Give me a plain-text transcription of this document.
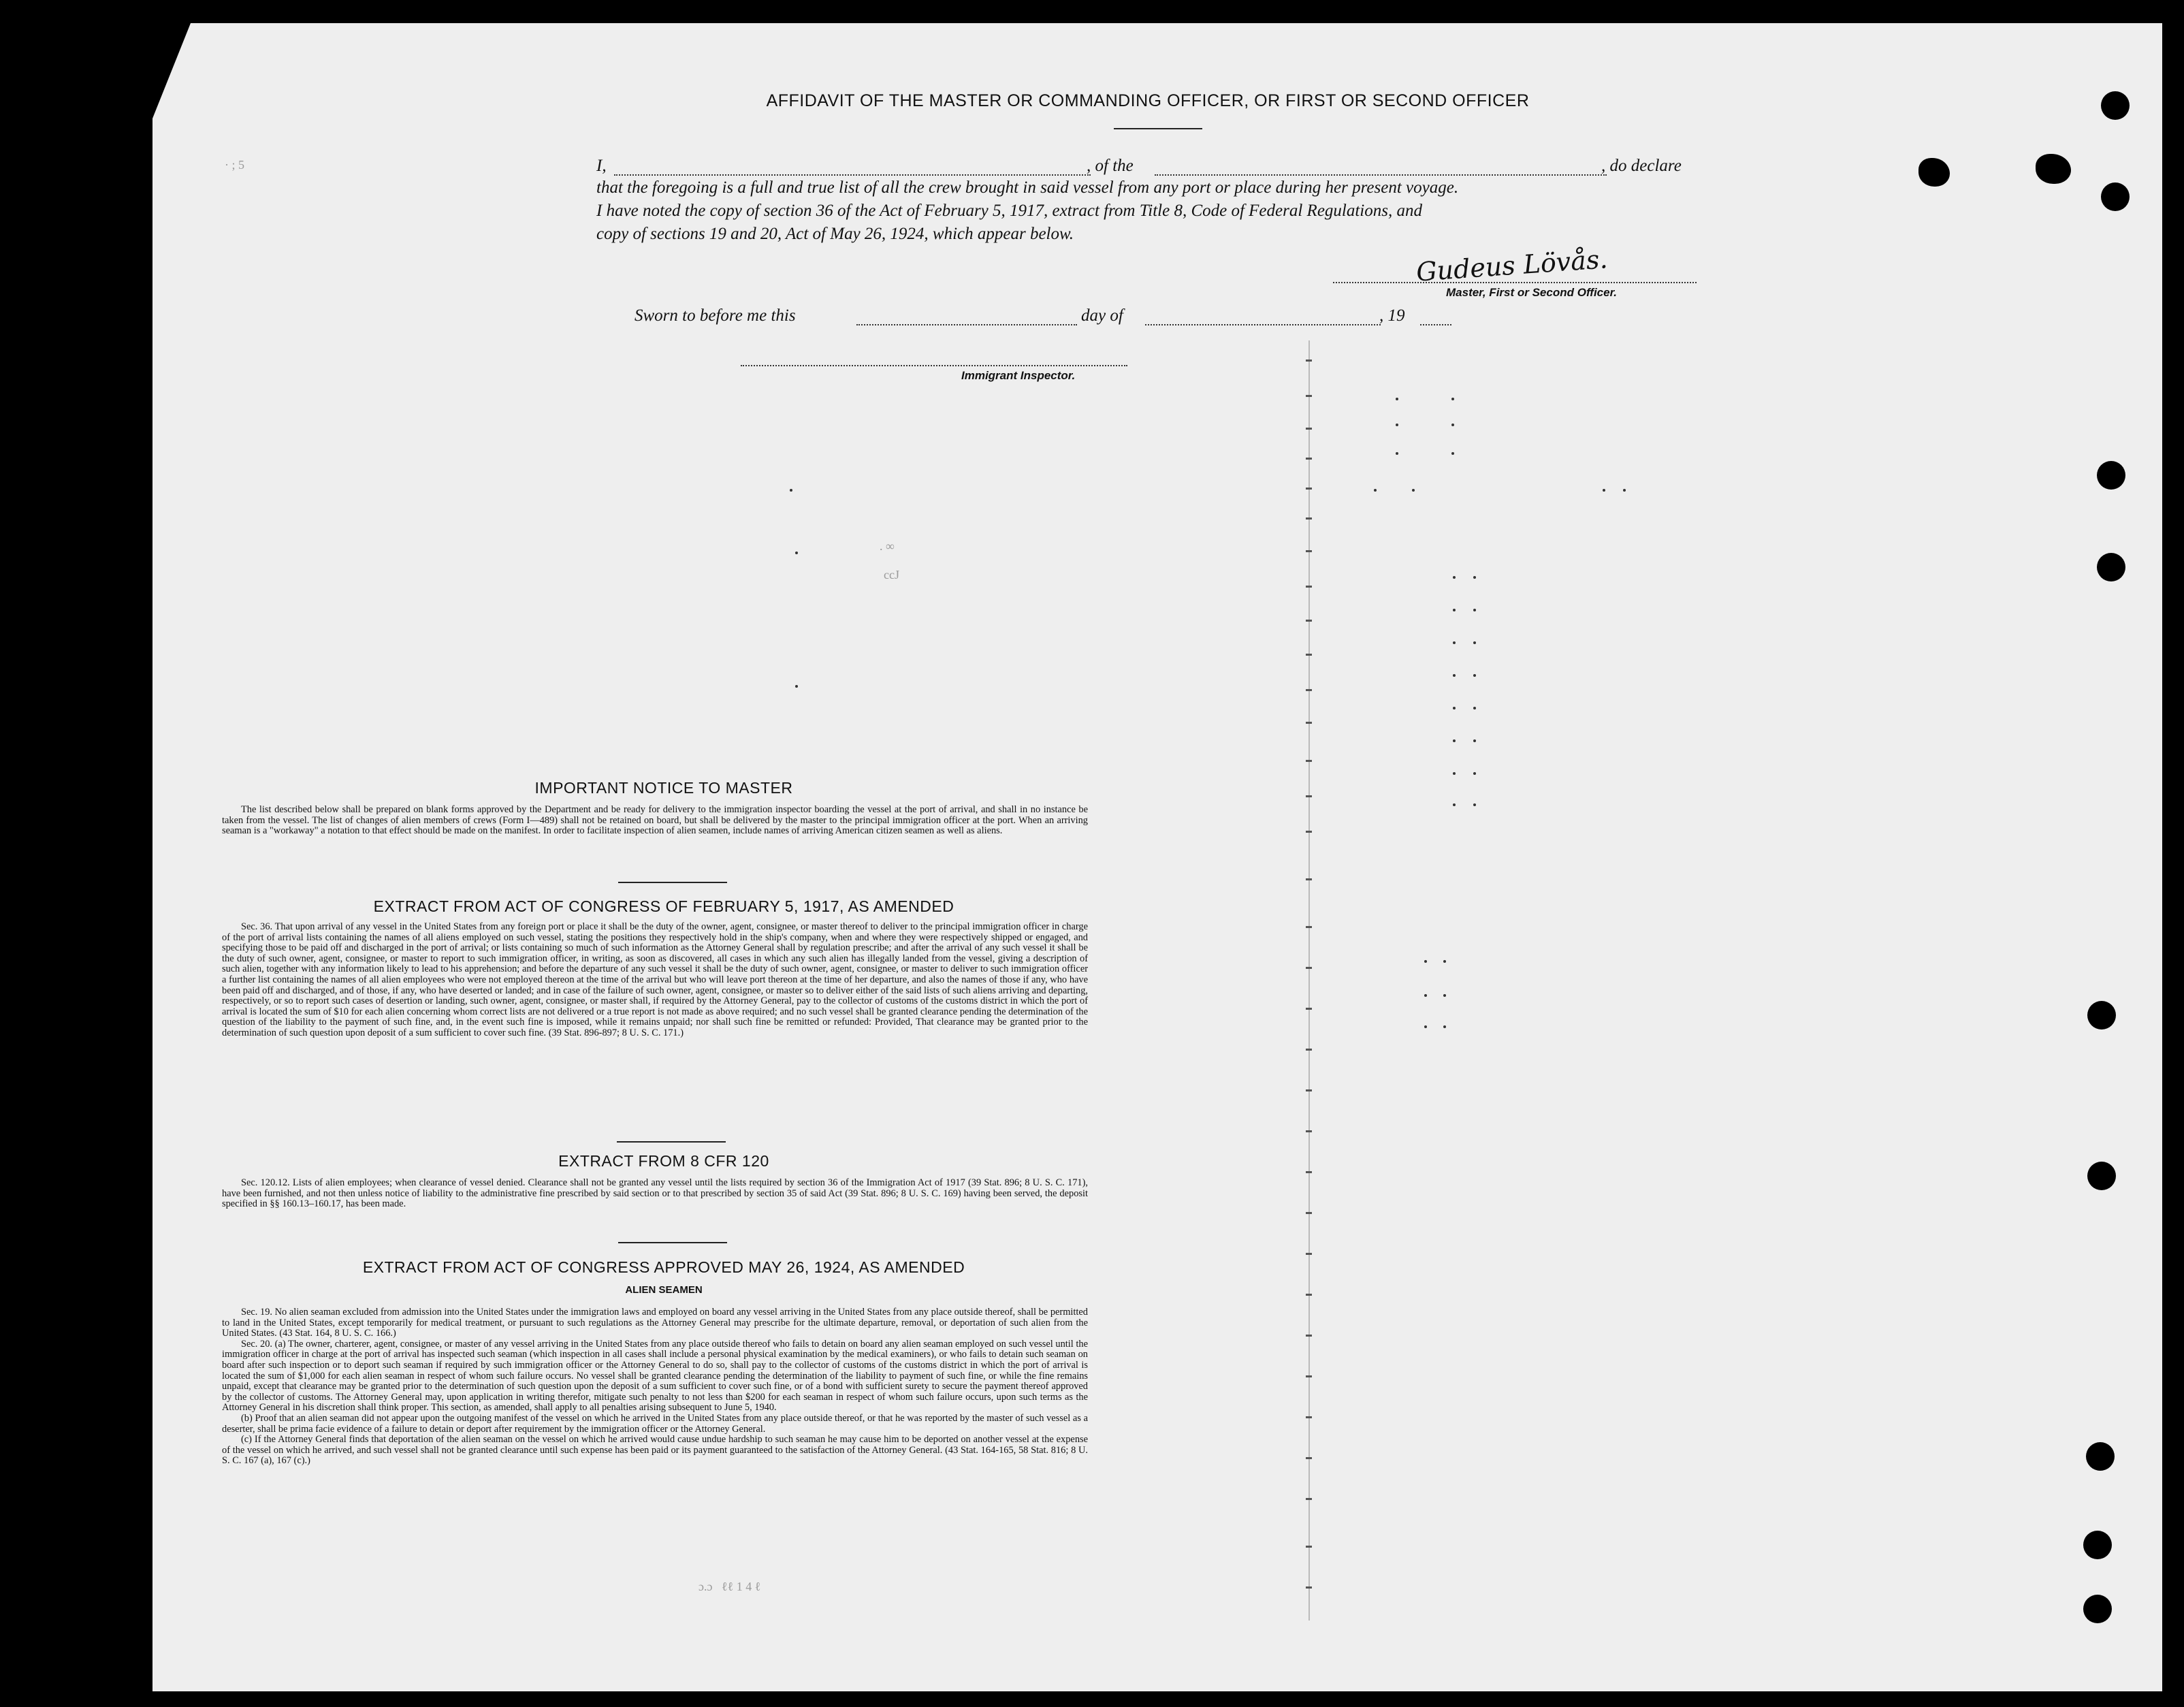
· ; 5
. ∞
ccJ
ɔ.ɔ   ℓℓ 1 4 ℓ
AFFIDAVIT OF THE MASTER OR COMMANDING OFFICER, OR FIRST OR SECOND OFFICER
I,	, of the	, do declare
that the foregoing is a full and true list of all the crew brought in said vessel from any port or place during her present voyage.
I have noted the copy of section 36 of the Act of February 5, 1917, extract from Title 8, Code of Federal Regulations, and
copy of sections 19 and 20, Act of May 26, 1924, which appear below.
Gudeus Lövås.
Master, First or Second Officer.
Sworn to before me this	day of	, 19
Immigrant Inspector.
IMPORTANT NOTICE TO MASTER

The list described below shall be prepared on blank forms approved by the Department and be ready for delivery to the immigration inspector boarding the vessel at the port of arrival, and shall in no instance be taken from the vessel. The list of changes of alien members of crews (Form I—489) shall not be retained on board, but shall be delivered by the master to the principal immigration officer at the port. When an arriving seaman is a "workaway" a notation to that effect should be made on the manifest. In order to facilitate inspection of alien seamen, include names of arriving American citizen seamen as well as aliens.

EXTRACT FROM ACT OF CONGRESS OF FEBRUARY 5, 1917, AS AMENDED

Sec. 36. That upon arrival of any vessel in the United States from any foreign port or place it shall be the duty of the owner, agent, consignee, or master thereof to deliver to the principal immigration officer in charge of the port of arrival lists containing the names of all aliens employed on such vessel, stating the positions they respectively hold in the ship's company, when and where they were respectively shipped or engaged, and specifying those to be paid off and discharged in the port of arrival; or lists containing so much of such information as the Attorney General shall by regulation prescribe; and after the arrival of any such vessel it shall be the duty of such owner, agent, consignee, or master to report to such immigration officer, in writing, as soon as discovered, all cases in which any such alien has illegally landed from the vessel, giving a description of such alien, together with any information likely to lead to his apprehension; and before the departure of any such vessel it shall be the duty of such owner, agent, consignee, or master to deliver to such immigration officer a further list containing the names of all alien employees who were not employed thereon at the time of the arrival but who will leave port thereon at the time of her departure, and also the names of those if any, who have been paid off and discharged, and of those, if any, who have deserted or landed; and in case of the failure of such owner, agent, consignee, or master so to deliver either of the said lists of such aliens arriving and departing, respectively, or so to report such cases of desertion or landing, such owner, agent, consignee, or master shall, if required by the Attorney General, pay to the collector of customs of the customs district in which the port of arrival is located the sum of $10 for each alien concerning whom correct lists are not delivered or a true report is not made as above required; and no such vessel shall be granted clearance pending the determination of the question of the liability to the payment of such fine, and, in the event such fine is imposed, while it remains unpaid; nor shall such fine be remitted or refunded: Provided, That clearance may be granted prior to the determination of such question upon deposit of a sum sufficient to cover such fine. (39 Stat. 896-897; 8 U. S. C. 171.)

EXTRACT FROM 8 CFR 120

Sec. 120.12. Lists of alien employees; when clearance of vessel denied. Clearance shall not be granted any vessel until the lists required by section 36 of the Immigration Act of 1917 (39 Stat. 896; 8 U. S. C. 171), have been furnished, and not then unless notice of liability to the administrative fine prescribed by said section or to that prescribed by section 35 of said Act (39 Stat. 896; 8 U. S. C. 169) having been served, the deposit specified in §§ 160.13–160.17, has been made.

EXTRACT FROM ACT OF CONGRESS APPROVED MAY 26, 1924, AS AMENDED
ALIEN SEAMEN

Sec. 19. No alien seaman excluded from admission into the United States under the immigration laws and employed on board any vessel arriving in the United States from any place outside thereof, shall be permitted to land in the United States, except temporarily for medical treatment, or pursuant to such regulations as the Attorney General may prescribe for the ultimate departure, removal, or deportation of such alien from the United States. (43 Stat. 164, 8 U. S. C. 166.)

Sec. 20. (a) The owner, charterer, agent, consignee, or master of any vessel arriving in the United States from any place outside thereof who fails to detain on board any alien seaman employed on such vessel until the immigration officer in charge at the port of arrival has inspected such seaman (which inspection in all cases shall include a personal physical examination by the medical examiners), or who fails to detain such seaman on board after such inspection or to deport such seaman if required by such immigration officer or the Attorney General to do so, shall pay to the collector of customs of the customs district in which the port of arrival is located the sum of $1,000 for each alien seaman in respect of whom such failure occurs. No vessel shall be granted clearance pending the determination of the liability to payment of such fine, or while the fine remains unpaid, except that clearance may be granted prior to the determination of such question upon the deposit of a sum sufficient to cover such fine, or of a bond with sufficient surety to secure the payment thereof approved by the collector of customs. The Attorney General may, upon application in writing therefor, mitigate such penalty to not less than $200 for each seaman in respect of whom such failure occurs, upon such terms as the Attorney General in his discretion shall think proper. This section, as amended, shall apply to all penalties arising subsequent to June 5, 1940.

(b) Proof that an alien seaman did not appear upon the outgoing manifest of the vessel on which he arrived in the United States from any place outside thereof, or that he was reported by the master of such vessel as a deserter, shall be prima facie evidence of a failure to detain or deport after requirement by the immigration officer or the Attorney General.

(c) If the Attorney General finds that deportation of the alien seaman on the vessel on which he arrived would cause undue hardship to such seaman he may cause him to be deported on another vessel at the expense of the vessel on which he arrived, and such vessel shall not be granted clearance until such expense has been paid or its payment guaranteed to the satisfaction of the Attorney General. (43 Stat. 164-165, 58 Stat. 816; 8 U. S. C. 167 (a), 167 (c).)
